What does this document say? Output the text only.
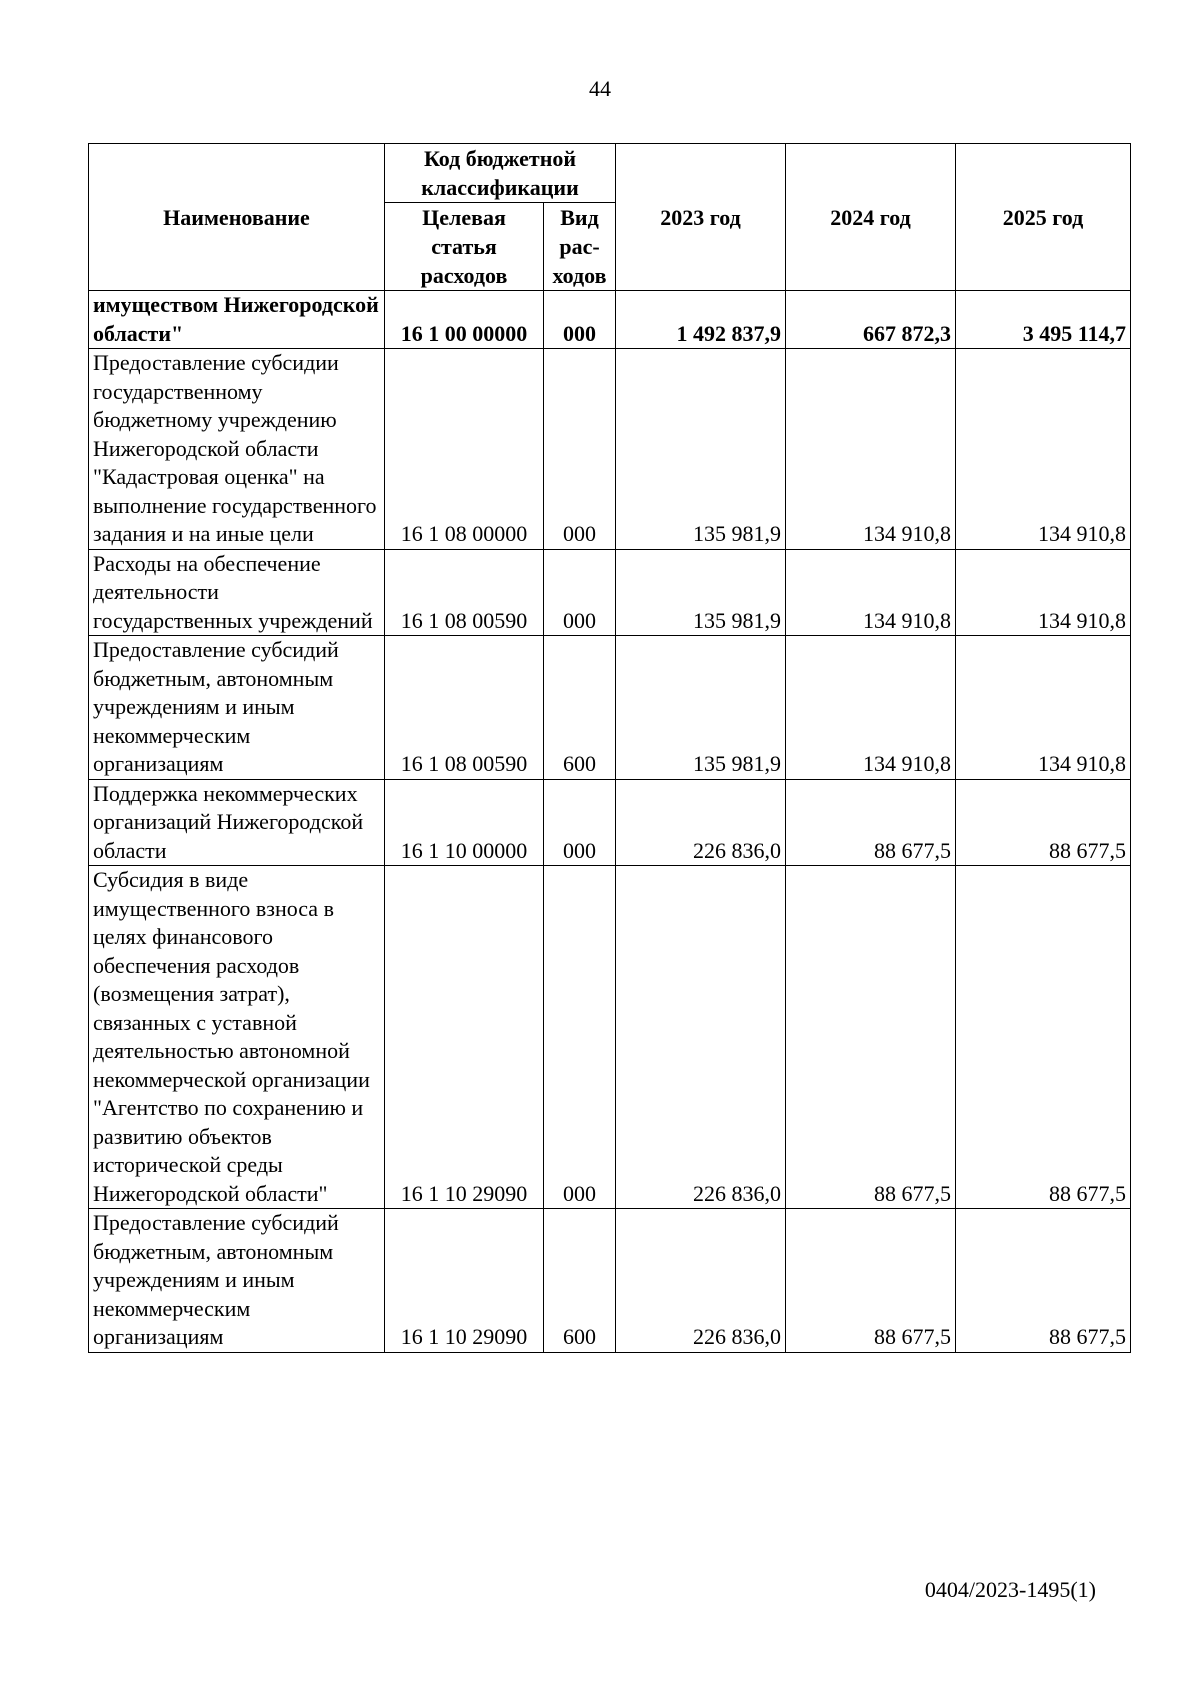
44
Наименование	Код бюджетной классификации		2023 год	2024 год	2025 год
	Целевая статья расходов	Вид рас-ходов			
имуществом Нижегородской области"	16 1 00 00000	000	1 492 837,9	667 872,3	3 495 114,7
Предоставление субсидии государственному бюджетному учреждению Нижегородской области "Кадастровая оценка" на выполнение государственного задания и на иные цели	16 1 08 00000	000	135 981,9	134 910,8	134 910,8
Расходы на обеспечение деятельности государственных учреждений	16 1 08 00590	000	135 981,9	134 910,8	134 910,8
Предоставление субсидий бюджетным, автономным учреждениям и иным некоммерческим организациям	16 1 08 00590	600	135 981,9	134 910,8	134 910,8
Поддержка некоммерческих организаций Нижегородской области	16 1 10 00000	000	226 836,0	88 677,5	88 677,5
Субсидия в виде имущественного взноса в целях финансового обеспечения расходов (возмещения затрат), связанных с уставной деятельностью автономной некоммерческой организации "Агентство по сохранению и развитию объектов исторической среды Нижегородской области"	16 1 10 29090	000	226 836,0	88 677,5	88 677,5
Предоставление субсидий бюджетным, автономным учреждениям и иным некоммерческим организациям	16 1 10 29090	600	226 836,0	88 677,5	88 677,5
0404/2023-1495(1)
